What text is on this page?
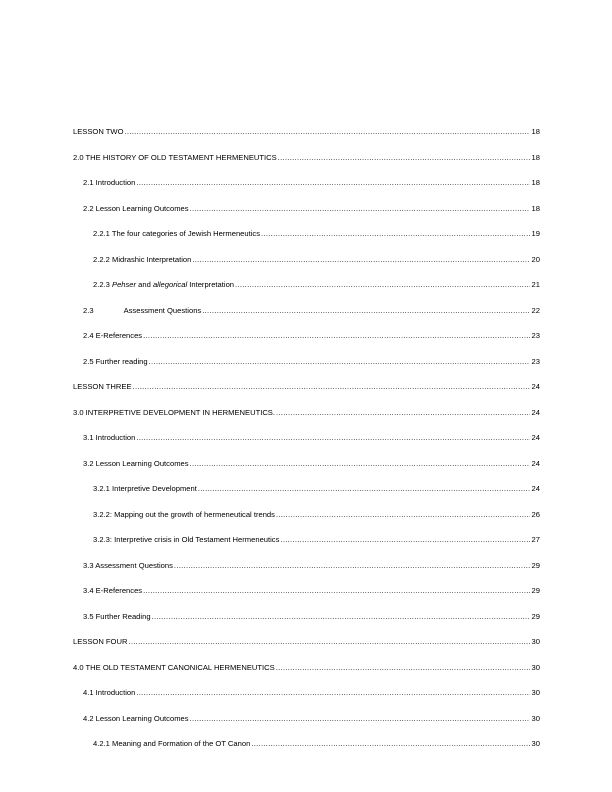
LESSON TWO .....	18
2.0 THE HISTORY OF OLD TESTAMENT HERMENEUTICS .....	18
2.1 Introduction .....	18
2.2 Lesson Learning Outcomes .....	18
2.2.1 The four categories of Jewish Hermeneutics .....	19
2.2.2 Midrashic Interpretation .....	20
2.2.3 Pehser and allegorical Interpretation .....	21
2.3	Assessment Questions .....	22
2.4 E-References .....	23
2.5 Further reading .....	23
LESSON THREE .....	24
3.0 INTERPRETIVE DEVELOPMENT IN HERMENEUTICS. .....	24
3.1 Introduction .....	24
3.2 Lesson Learning Outcomes .....	24
3.2.1 Interpretive Development .....	24
3.2.2: Mapping out the growth of hermeneutical trends .....	26
3.2.3: Interpretive crisis in Old Testament Hermeneutics .....	27
3.3 Assessment Questions .....	29
3.4 E-References .....	29
3.5 Further Reading .....	29
LESSON FOUR .....	30
4.0 THE OLD TESTAMENT CANONICAL HERMENEUTICS .....	30
4.1 Introduction .....	30
4.2 Lesson Learning Outcomes .....	30
4.2.1 Meaning and Formation of the OT Canon .....	30
